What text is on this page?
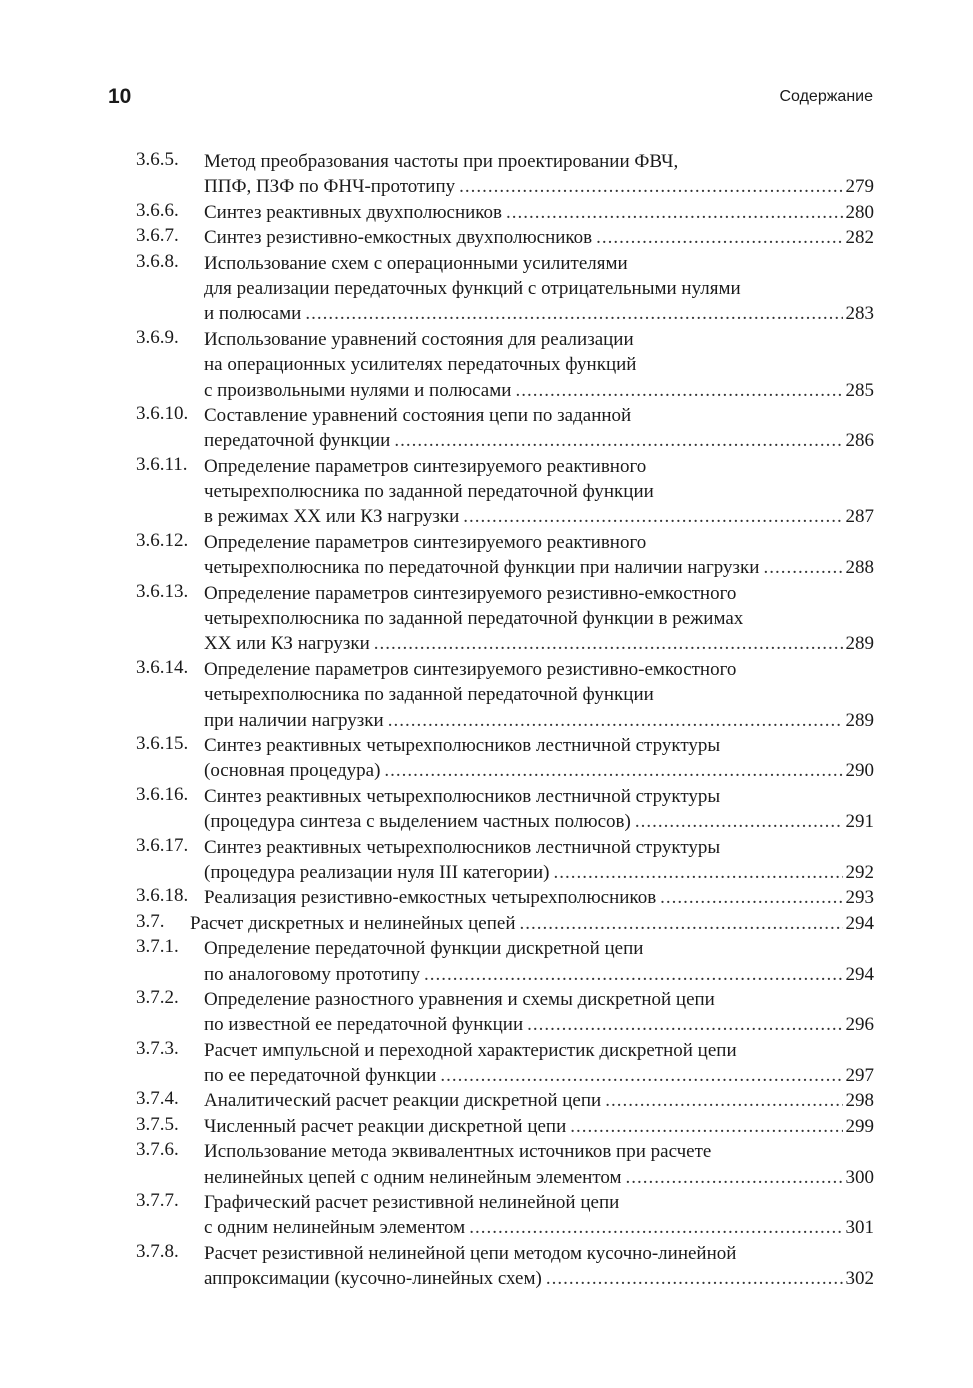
10	Содержание
3.6.5. Метод преобразования частоты при проектировании ФВЧ,
ППФ, ПЗФ по ФНЧ-прототипу .....	279
3.6.6. Синтез реактивных двухполюсников .....	280
3.6.7. Синтез резистивно-емкостных двухполюсников .....	282
3.6.8. Использование схем с операционными усилителями
для реализации передаточных функций с отрицательными нулями
и полюсами .....	283
3.6.9. Использование уравнений состояния для реализации
на операционных усилителях передаточных функций
с произвольными нулями и полюсами .....	285
3.6.10. Составление уравнений состояния цепи по заданной
передаточной функции .....	286
3.6.11. Определение параметров синтезируемого реактивного
четырехполюсника по заданной передаточной функции
в режимах ХХ или КЗ нагрузки .....	287
3.6.12. Определение параметров синтезируемого реактивного
четырехполюсника по передаточной функции при наличии нагрузки .....	288
3.6.13. Определение параметров синтезируемого резистивно-емкостного
четырехполюсника по заданной передаточной функции в режимах
ХХ или КЗ нагрузки .....	289
3.6.14. Определение параметров синтезируемого резистивно-емкостного
четырехполюсника по заданной передаточной функции
при наличии нагрузки .....	289
3.6.15. Синтез реактивных четырехполюсников лестничной структуры
(основная процедура) .....	290
3.6.16. Синтез реактивных четырехполюсников лестничной структуры
(процедура синтеза с выделением частных полюсов) .....	291
3.6.17. Синтез реактивных четырехполюсников лестничной структуры
(процедура реализации нуля III категории) .....	292
3.6.18. Реализация резистивно-емкостных четырехполюсников .....	293
3.7. Расчет дискретных и нелинейных цепей .....	294
3.7.1. Определение передаточной функции дискретной цепи
по аналоговому прототипу .....	294
3.7.2. Определение разностного уравнения и схемы дискретной цепи
по известной ее передаточной функции .....	296
3.7.3. Расчет импульсной и переходной характеристик дискретной цепи
по ее передаточной функции .....	297
3.7.4. Аналитический расчет реакции дискретной цепи .....	298
3.7.5. Численный расчет реакции дискретной цепи .....	299
3.7.6. Использование метода эквивалентных источников при расчете
нелинейных цепей с одним нелинейным элементом .....	300
3.7.7. Графический расчет резистивной нелинейной цепи
с одним нелинейным элементом .....	301
3.7.8. Расчет резистивной нелинейной цепи методом кусочно-линейной
аппроксимации (кусочно-линейных схем) .....	302
